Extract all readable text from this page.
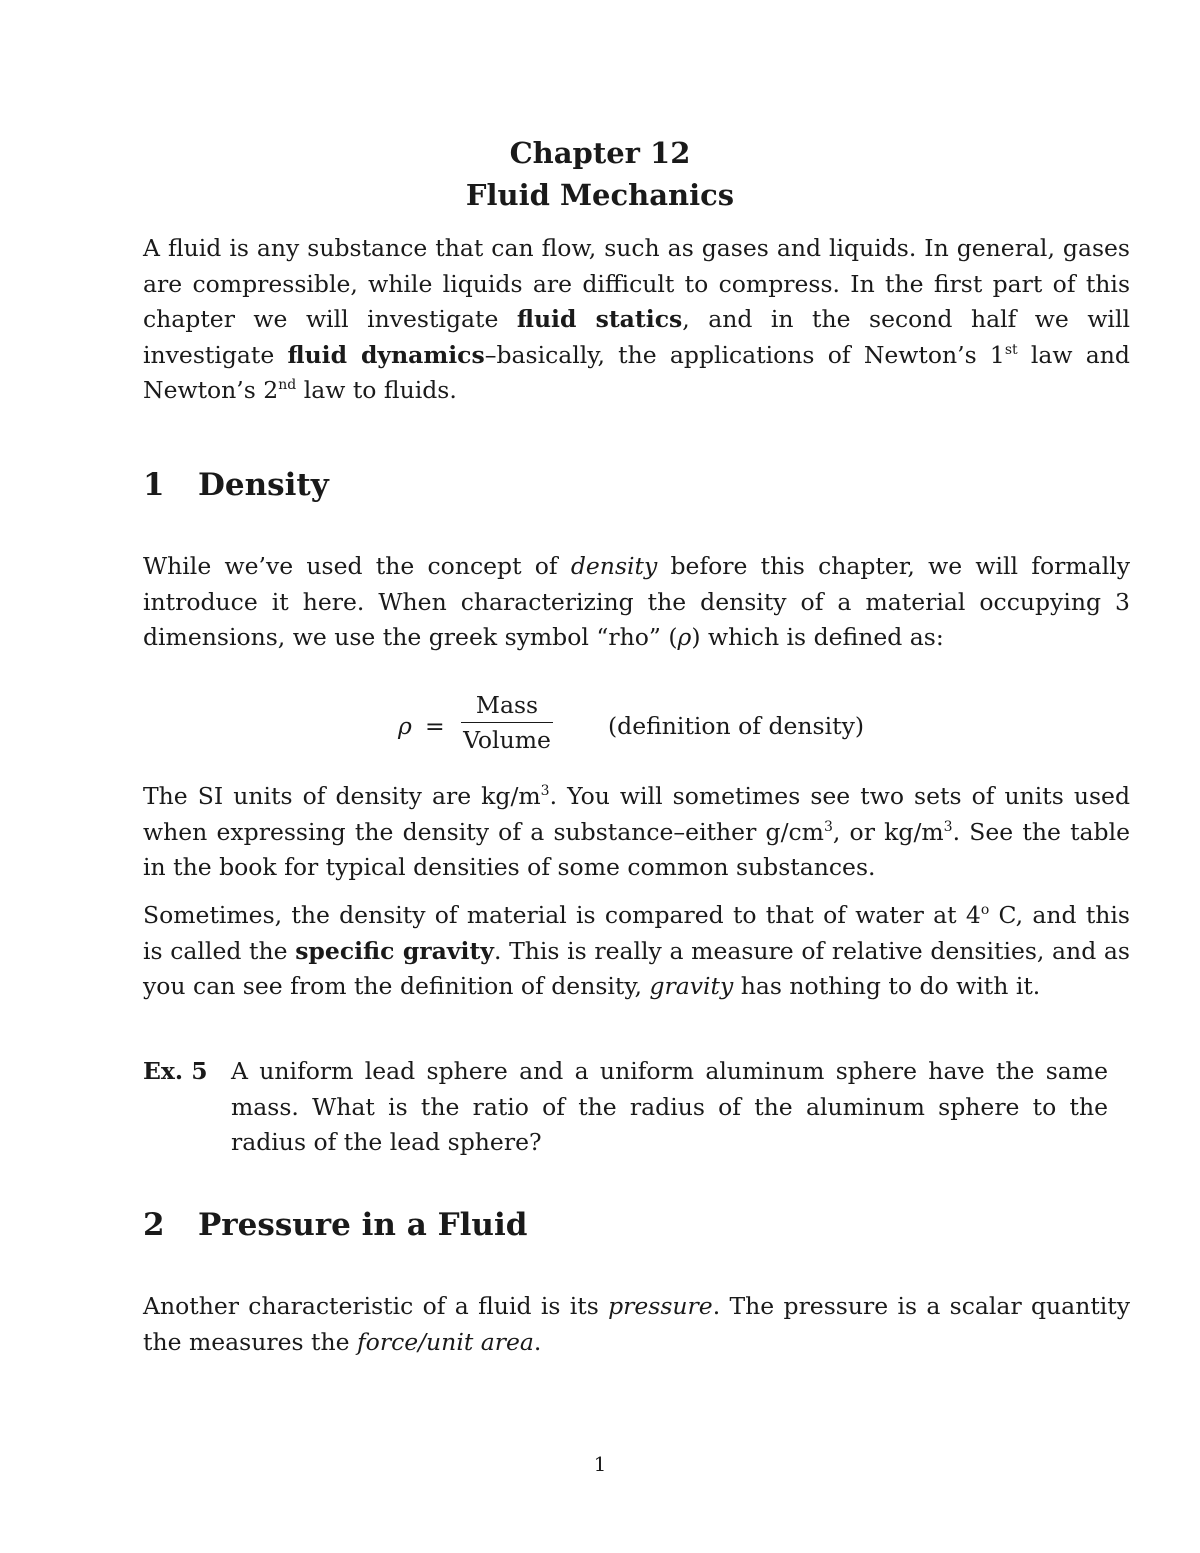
Chapter 12
Fluid Mechanics
A fluid is any substance that can flow, such as gases and liquids. In general, gases are compressible, while liquids are difficult to compress. In the first part of this chapter we will investigate fluid statics, and in the second half we will investigate fluid dynamics–basically, the applications of Newton’s 1st law and Newton’s 2nd law to fluids.
1 Density
While we’ve used the concept of density before this chapter, we will formally introduce it here. When characterizing the density of a material occupying 3 dimensions, we use the greek symbol “rho” (ρ) which is defined as:
ρ =
Mass
Volume (definition of density)
The SI units of density are $kg/m^3$. You will sometimes see two sets of units used when expressing the density of a substance–either $g/cm^3$, or $kg/m^3$. See the table in the book for typical densities of some common substances.
Sometimes, the density of material is compared to that of water at 4$^o$ C, and this is called the specific gravity. This is really a measure of relative densities, and as you can see from the definition of density, gravity has nothing to do with it.
Ex. 5 A uniform lead sphere and a uniform aluminum sphere have the same mass. What is the ratio of the radius of the aluminum sphere to the radius of the lead sphere?
2 Pressure in a Fluid
Another characteristic of a fluid is its pressure. The pressure is a scalar quantity the measures the force/unit area.
1
